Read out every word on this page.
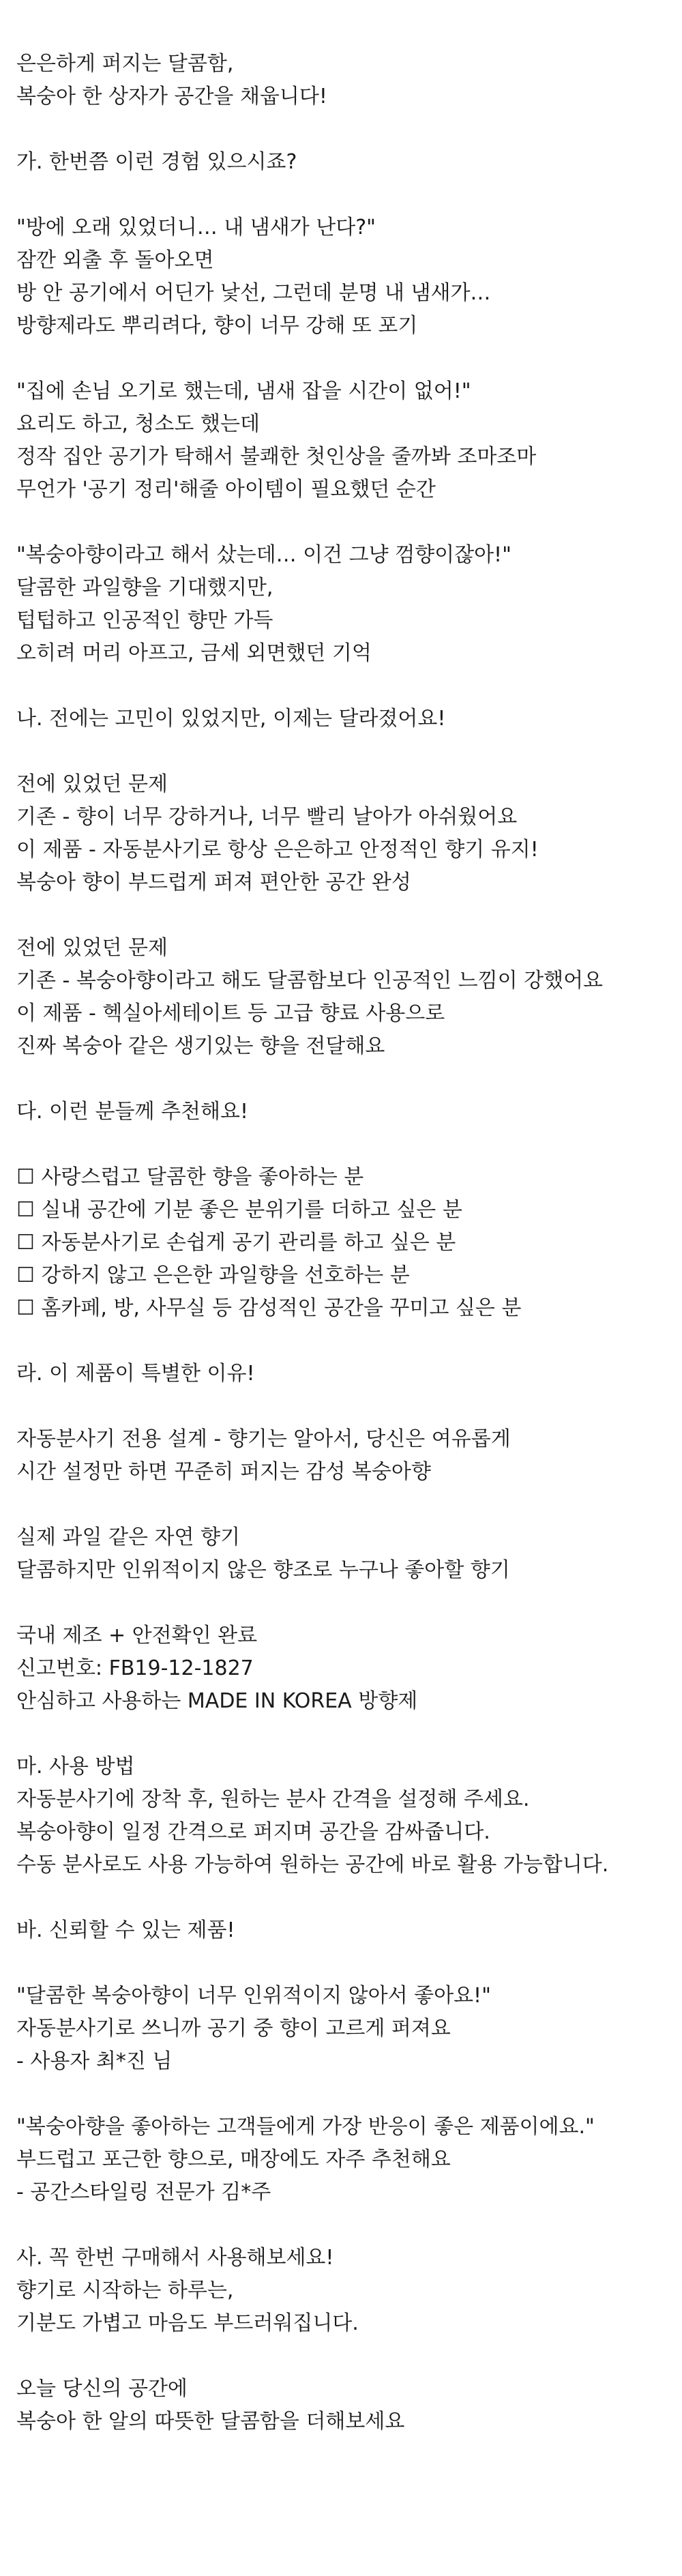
은은하게 퍼지는 달콤함,
복숭아 한 상자가 공간을 채웁니다!
가. 한번쯤 이런 경험 있으시죠?
"방에 오래 있었더니… 내 냄새가 난다?"
잠깐 외출 후 돌아오면
방 안 공기에서 어딘가 낯선, 그런데 분명 내 냄새가…
방향제라도 뿌리려다, 향이 너무 강해 또 포기
"집에 손님 오기로 했는데, 냄새 잡을 시간이 없어!"
요리도 하고, 청소도 했는데
정작 집안 공기가 탁해서 불쾌한 첫인상을 줄까봐 조마조마
무언가 '공기 정리'해줄 아이템이 필요했던 순간
"복숭아향이라고 해서 샀는데… 이건 그냥 껌향이잖아!"
달콤한 과일향을 기대했지만,
텁텁하고 인공적인 향만 가득
오히려 머리 아프고, 금세 외면했던 기억
나. 전에는 고민이 있었지만, 이제는 달라졌어요!
전에 있었던 문제
기존 - 향이 너무 강하거나, 너무 빨리 날아가 아쉬웠어요
이 제품 - 자동분사기로 항상 은은하고 안정적인 향기 유지!
복숭아 향이 부드럽게 퍼져 편안한 공간 완성
전에 있었던 문제
기존 - 복숭아향이라고 해도 달콤함보다 인공적인 느낌이 강했어요
이 제품 - 헥실아세테이트 등 고급 향료 사용으로
진짜 복숭아 같은 생기있는 향을 전달해요
다. 이런 분들께 추천해요!
☐ 사랑스럽고 달콤한 향을 좋아하는 분
☐ 실내 공간에 기분 좋은 분위기를 더하고 싶은 분
☐ 자동분사기로 손쉽게 공기 관리를 하고 싶은 분
☐ 강하지 않고 은은한 과일향을 선호하는 분
☐ 홈카페, 방, 사무실 등 감성적인 공간을 꾸미고 싶은 분
라. 이 제품이 특별한 이유!
자동분사기 전용 설계 - 향기는 알아서, 당신은 여유롭게
시간 설정만 하면 꾸준히 퍼지는 감성 복숭아향
실제 과일 같은 자연 향기
달콤하지만 인위적이지 않은 향조로 누구나 좋아할 향기
국내 제조 + 안전확인 완료
신고번호: FB19-12-1827
안심하고 사용하는 MADE IN KOREA 방향제
마. 사용 방법
자동분사기에 장착 후, 원하는 분사 간격을 설정해 주세요.
복숭아향이 일정 간격으로 퍼지며 공간을 감싸줍니다.
수동 분사로도 사용 가능하여 원하는 공간에 바로 활용 가능합니다.
바. 신뢰할 수 있는 제품!
"달콤한 복숭아향이 너무 인위적이지 않아서 좋아요!"
자동분사기로 쓰니까 공기 중 향이 고르게 퍼져요
- 사용자 최*진 님
"복숭아향을 좋아하는 고객들에게 가장 반응이 좋은 제품이에요."
부드럽고 포근한 향으로, 매장에도 자주 추천해요
- 공간스타일링 전문가 김*주
사. 꼭 한번 구매해서 사용해보세요!
향기로 시작하는 하루는,
기분도 가볍고 마음도 부드러워집니다.
오늘 당신의 공간에
복숭아 한 알의 따뜻한 달콤함을 더해보세요
